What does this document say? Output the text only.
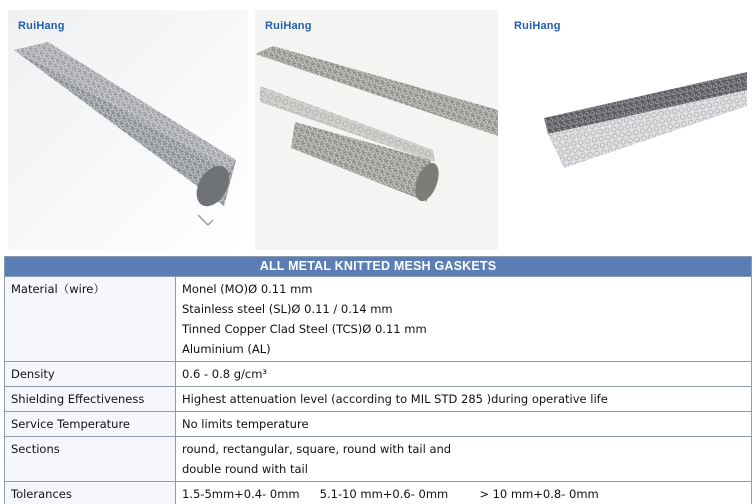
RuiHang	RuiHang	RuiHang
ALL METAL KNITTED MESH GASKETS	

Material（wire）	Monel (MO)Ø 0.11 mm
Stainless steel (SL)Ø 0.11 / 0.14 mm
Tinned Copper Clad Steel (TCS)Ø 0.11 mm
Aluminium (AL)

Density	0.6 - 0.8 g/cm³

Shielding Effectiveness	Highest attenuation level (according to MIL STD 285 )during operative life

Service Temperature	No limits temperature

Sections	round, rectangular, square, round with tail and
double round with tail

Tolerances	1.5-5mm+0.4- 0mm 5.1-10 mm+0.6- 0mm > 10 mm+0.8- 0mm
